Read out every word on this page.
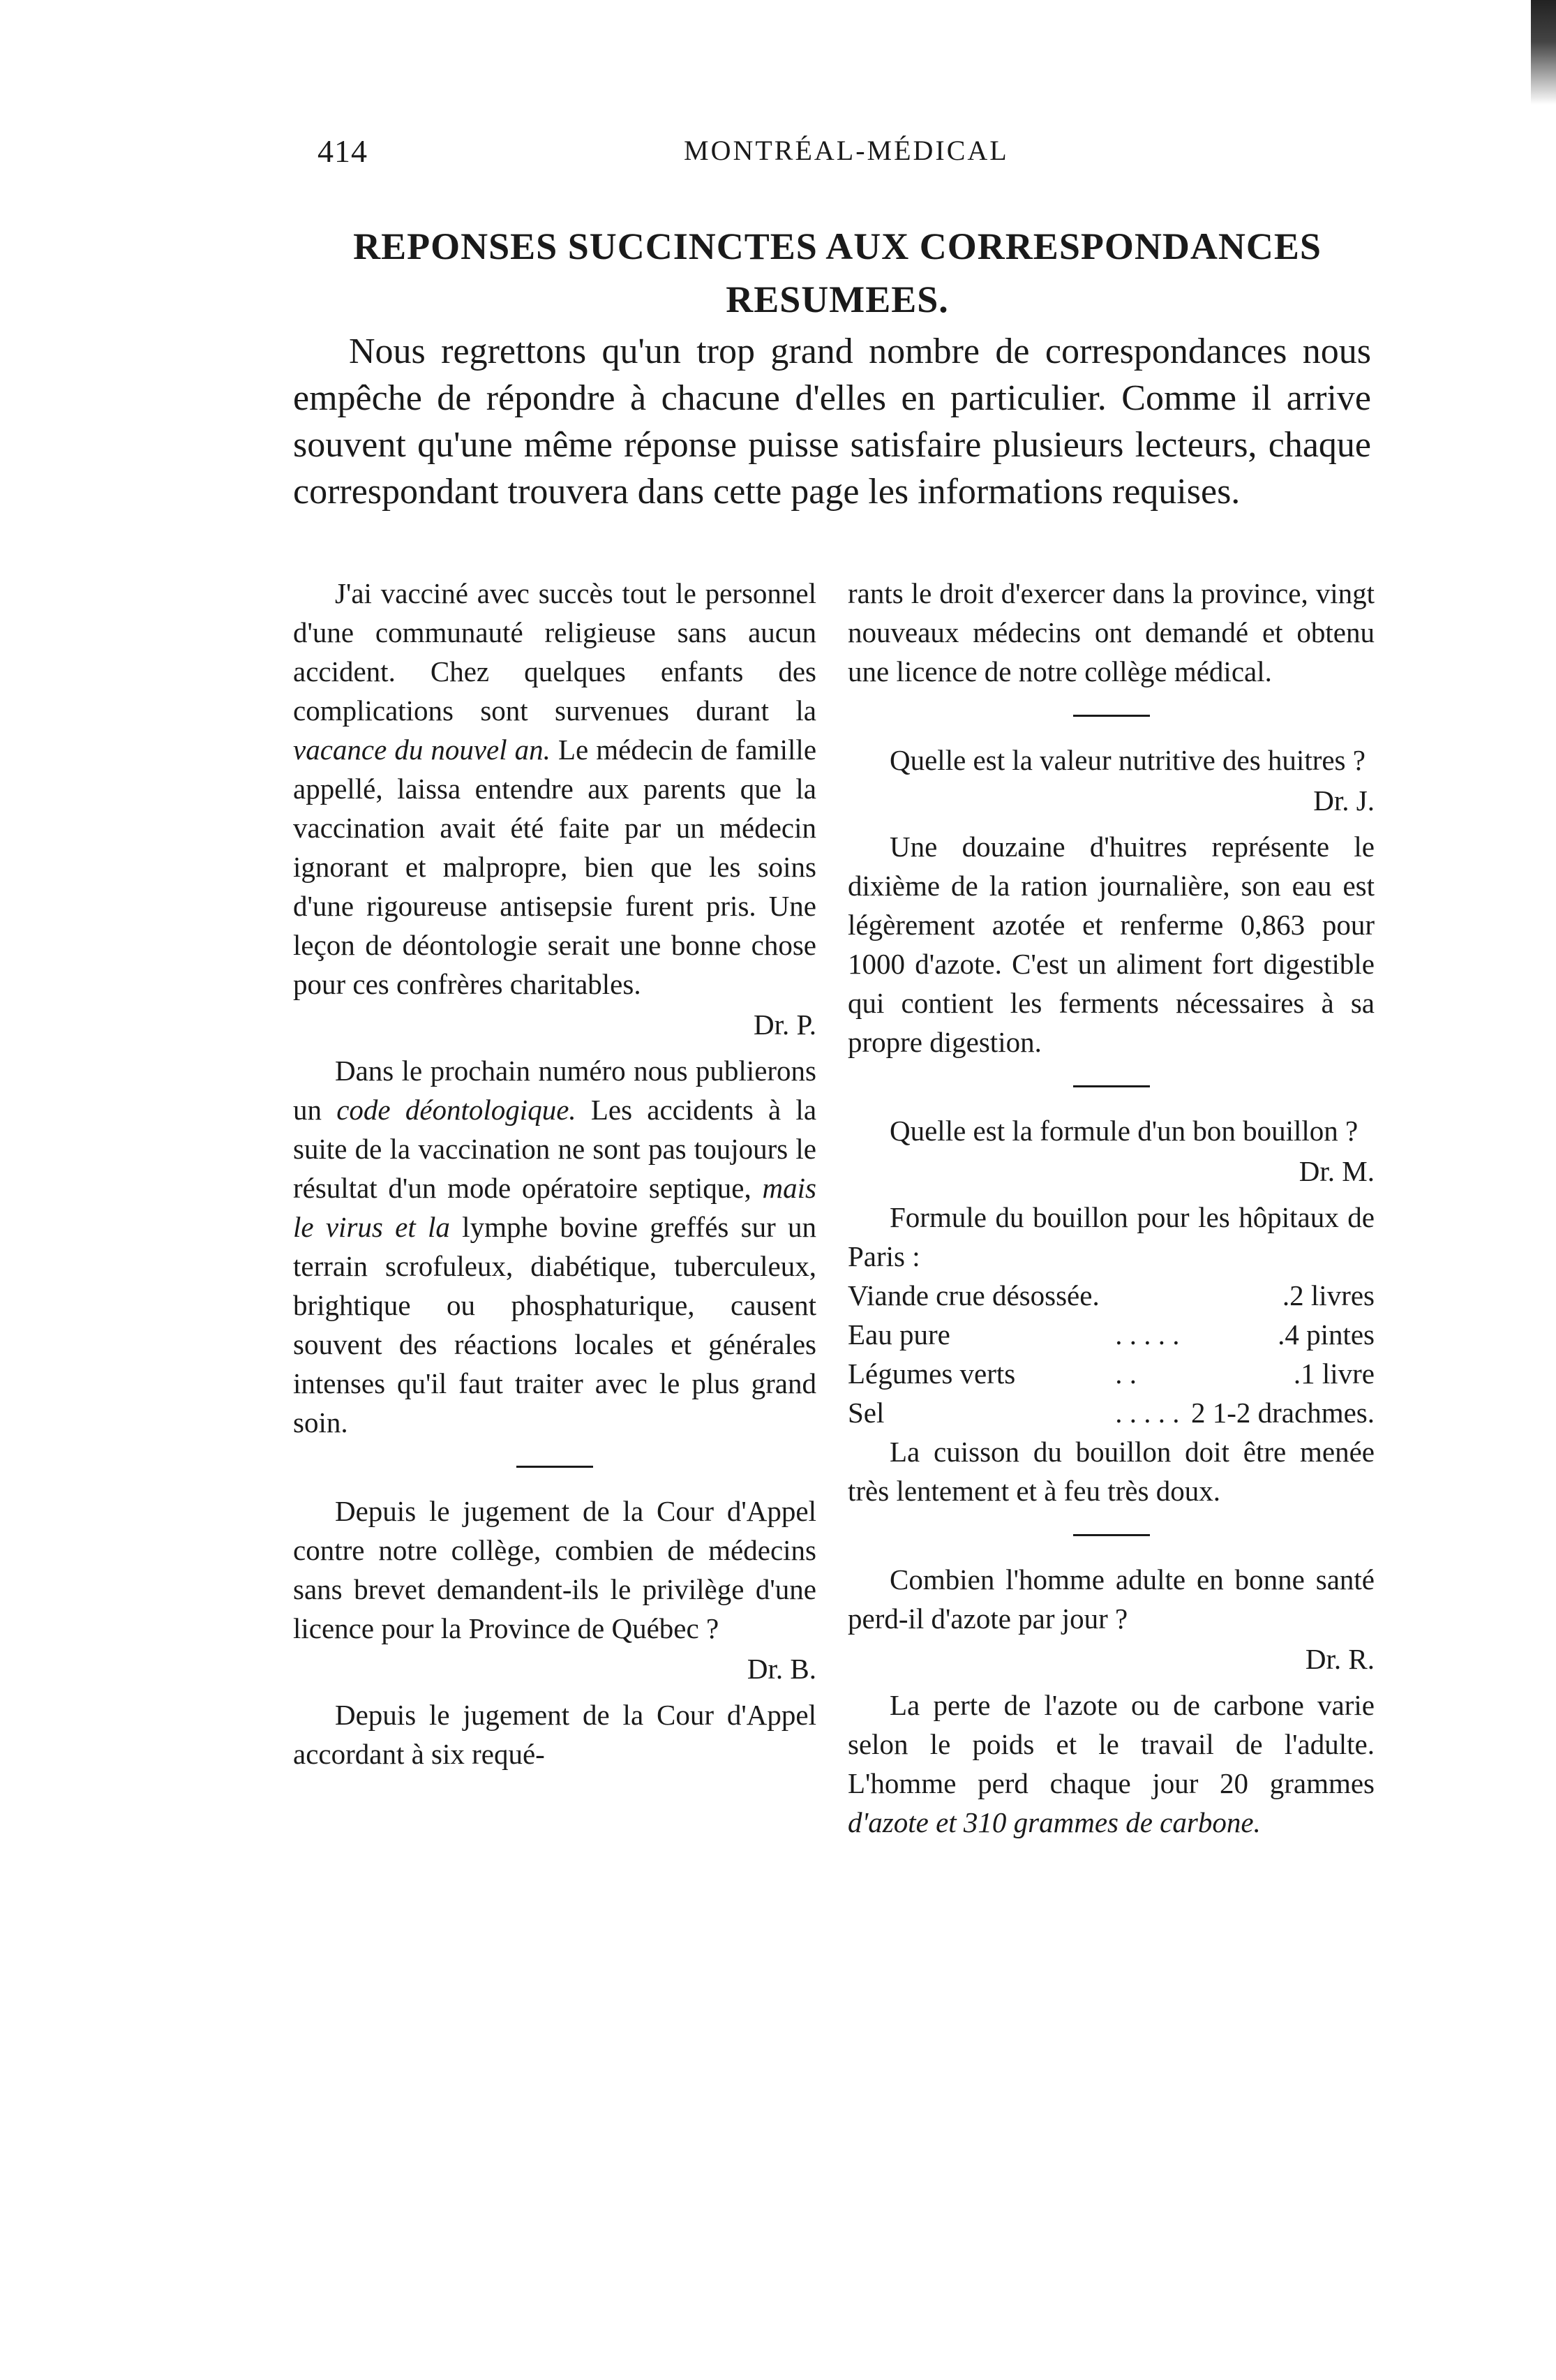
414	MONTRÉAL-MÉDICAL
REPONSES SUCCINCTES AUX CORRESPONDANCES
RESUMEES.

Nous regrettons qu'un trop grand nombre de correspondances nous empêche de répondre à chacune d'elles en particulier. Comme il arrive souvent qu'une même réponse puisse satisfaire plusieurs lecteurs, chaque correspondant trouvera dans cette page les informations requises.

J'ai vacciné avec succès tout le personnel d'une communauté religieuse sans aucun accident. Chez quelques enfants des complications sont survenues durant la vacance du nouvel an. Le médecin de famille appellé, laissa entendre aux parents que la vaccination avait été faite par un médecin ignorant et malpropre, bien que les soins d'une rigoureuse antisepsie furent pris. Une leçon de déontologie serait une bonne chose pour ces confrères charitables.

Dr. P.

Dans le prochain numéro nous publierons un code déontologique. Les accidents à la suite de la vaccination ne sont pas toujours le résultat d'un mode opératoire septique, mais le virus et la lymphe bovine greffés sur un terrain scrofuleux, diabétique, tuberculeux, brightique ou phosphaturique, causent souvent des réactions locales et générales intenses qu'il faut traiter avec le plus grand soin.

Depuis le jugement de la Cour d'Appel contre notre collège, combien de médecins sans brevet demandent-ils le privilège d'une licence pour la Province de Québec ?

Dr. B.

Depuis le jugement de la Cour d'Appel accordant à six requé-

rants le droit d'exercer dans la province, vingt nouveaux médecins ont demandé et obtenu une licence de notre collège médical.

Quelle est la valeur nutritive des huitres ?

Dr. J.

Une douzaine d'huitres représente le dixième de la ration journalière, son eau est légèrement azotée et renferme 0,863 pour 1000 d'azote. C'est un aliment fort digestible qui contient les ferments nécessaires à sa propre digestion.

Quelle est la formule d'un bon bouillon ?

Dr. M.

Formule du bouillon pour les hôpitaux de Paris :

Viande crue désossée.		.2 livres
Eau pure	. . . . .	.4 pintes
Légumes verts	. .	.1 livre
Sel	. . . . .	2 1-2 drachmes.

La cuisson du bouillon doit être menée très lentement et à feu très doux.

Combien l'homme adulte en bonne santé perd-il d'azote par jour ?

Dr. R.

La perte de l'azote ou de carbone varie selon le poids et le travail de l'adulte. L'homme perd chaque jour 20 grammes d'azote et 310 grammes de carbone.
